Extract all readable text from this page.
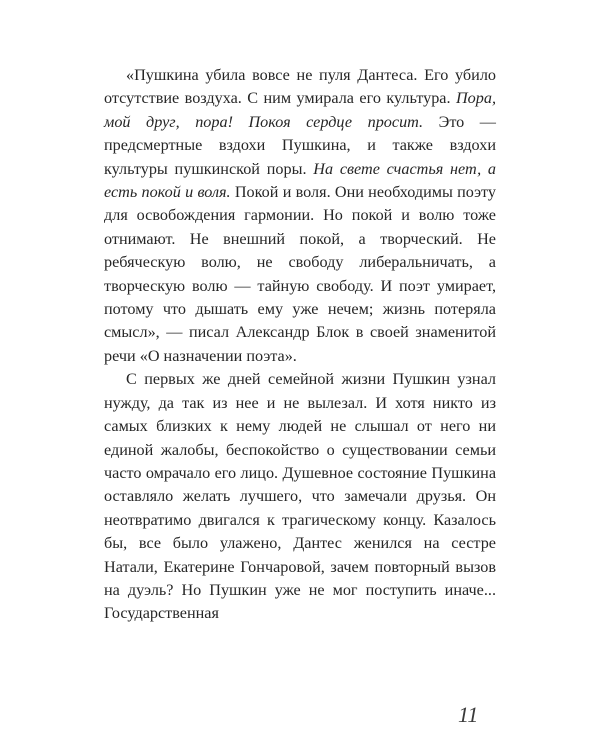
«Пушкина убила вовсе не пуля Дантеса. Его убило отсутствие воздуха. С ним умирала его культура. Пора, мой друг, пора! Покоя сердце просит. Это — предсмертные вздохи Пушкина, и также вздохи культуры пушкинской поры. На свете счастья нет, а есть покой и воля. Покой и воля. Они необходимы поэту для освобождения гармонии. Но покой и волю тоже отнимают. Не внешний покой, а творческий. Не ребяческую волю, не свободу либеральничать, а творческую волю — тайную свободу. И поэт умирает, потому что дышать ему уже нечем; жизнь потеряла смысл», — писал Александр Блок в своей знаменитой речи «О назначении поэта».

С первых же дней семейной жизни Пушкин узнал нужду, да так из нее и не вылезал. И хотя никто из самых близких к нему людей не слышал от него ни единой жалобы, беспокойство о существовании семьи часто омрачало его лицо. Душевное состояние Пушкина оставляло желать лучшего, что замечали друзья. Он неотвратимо двигался к трагическому концу. Казалось бы, все было улажено, Дантес женился на сестре Натали, Екатерине Гончаровой, зачем повторный вызов на дуэль? Но Пушкин уже не мог поступить иначе... Государственная

11
